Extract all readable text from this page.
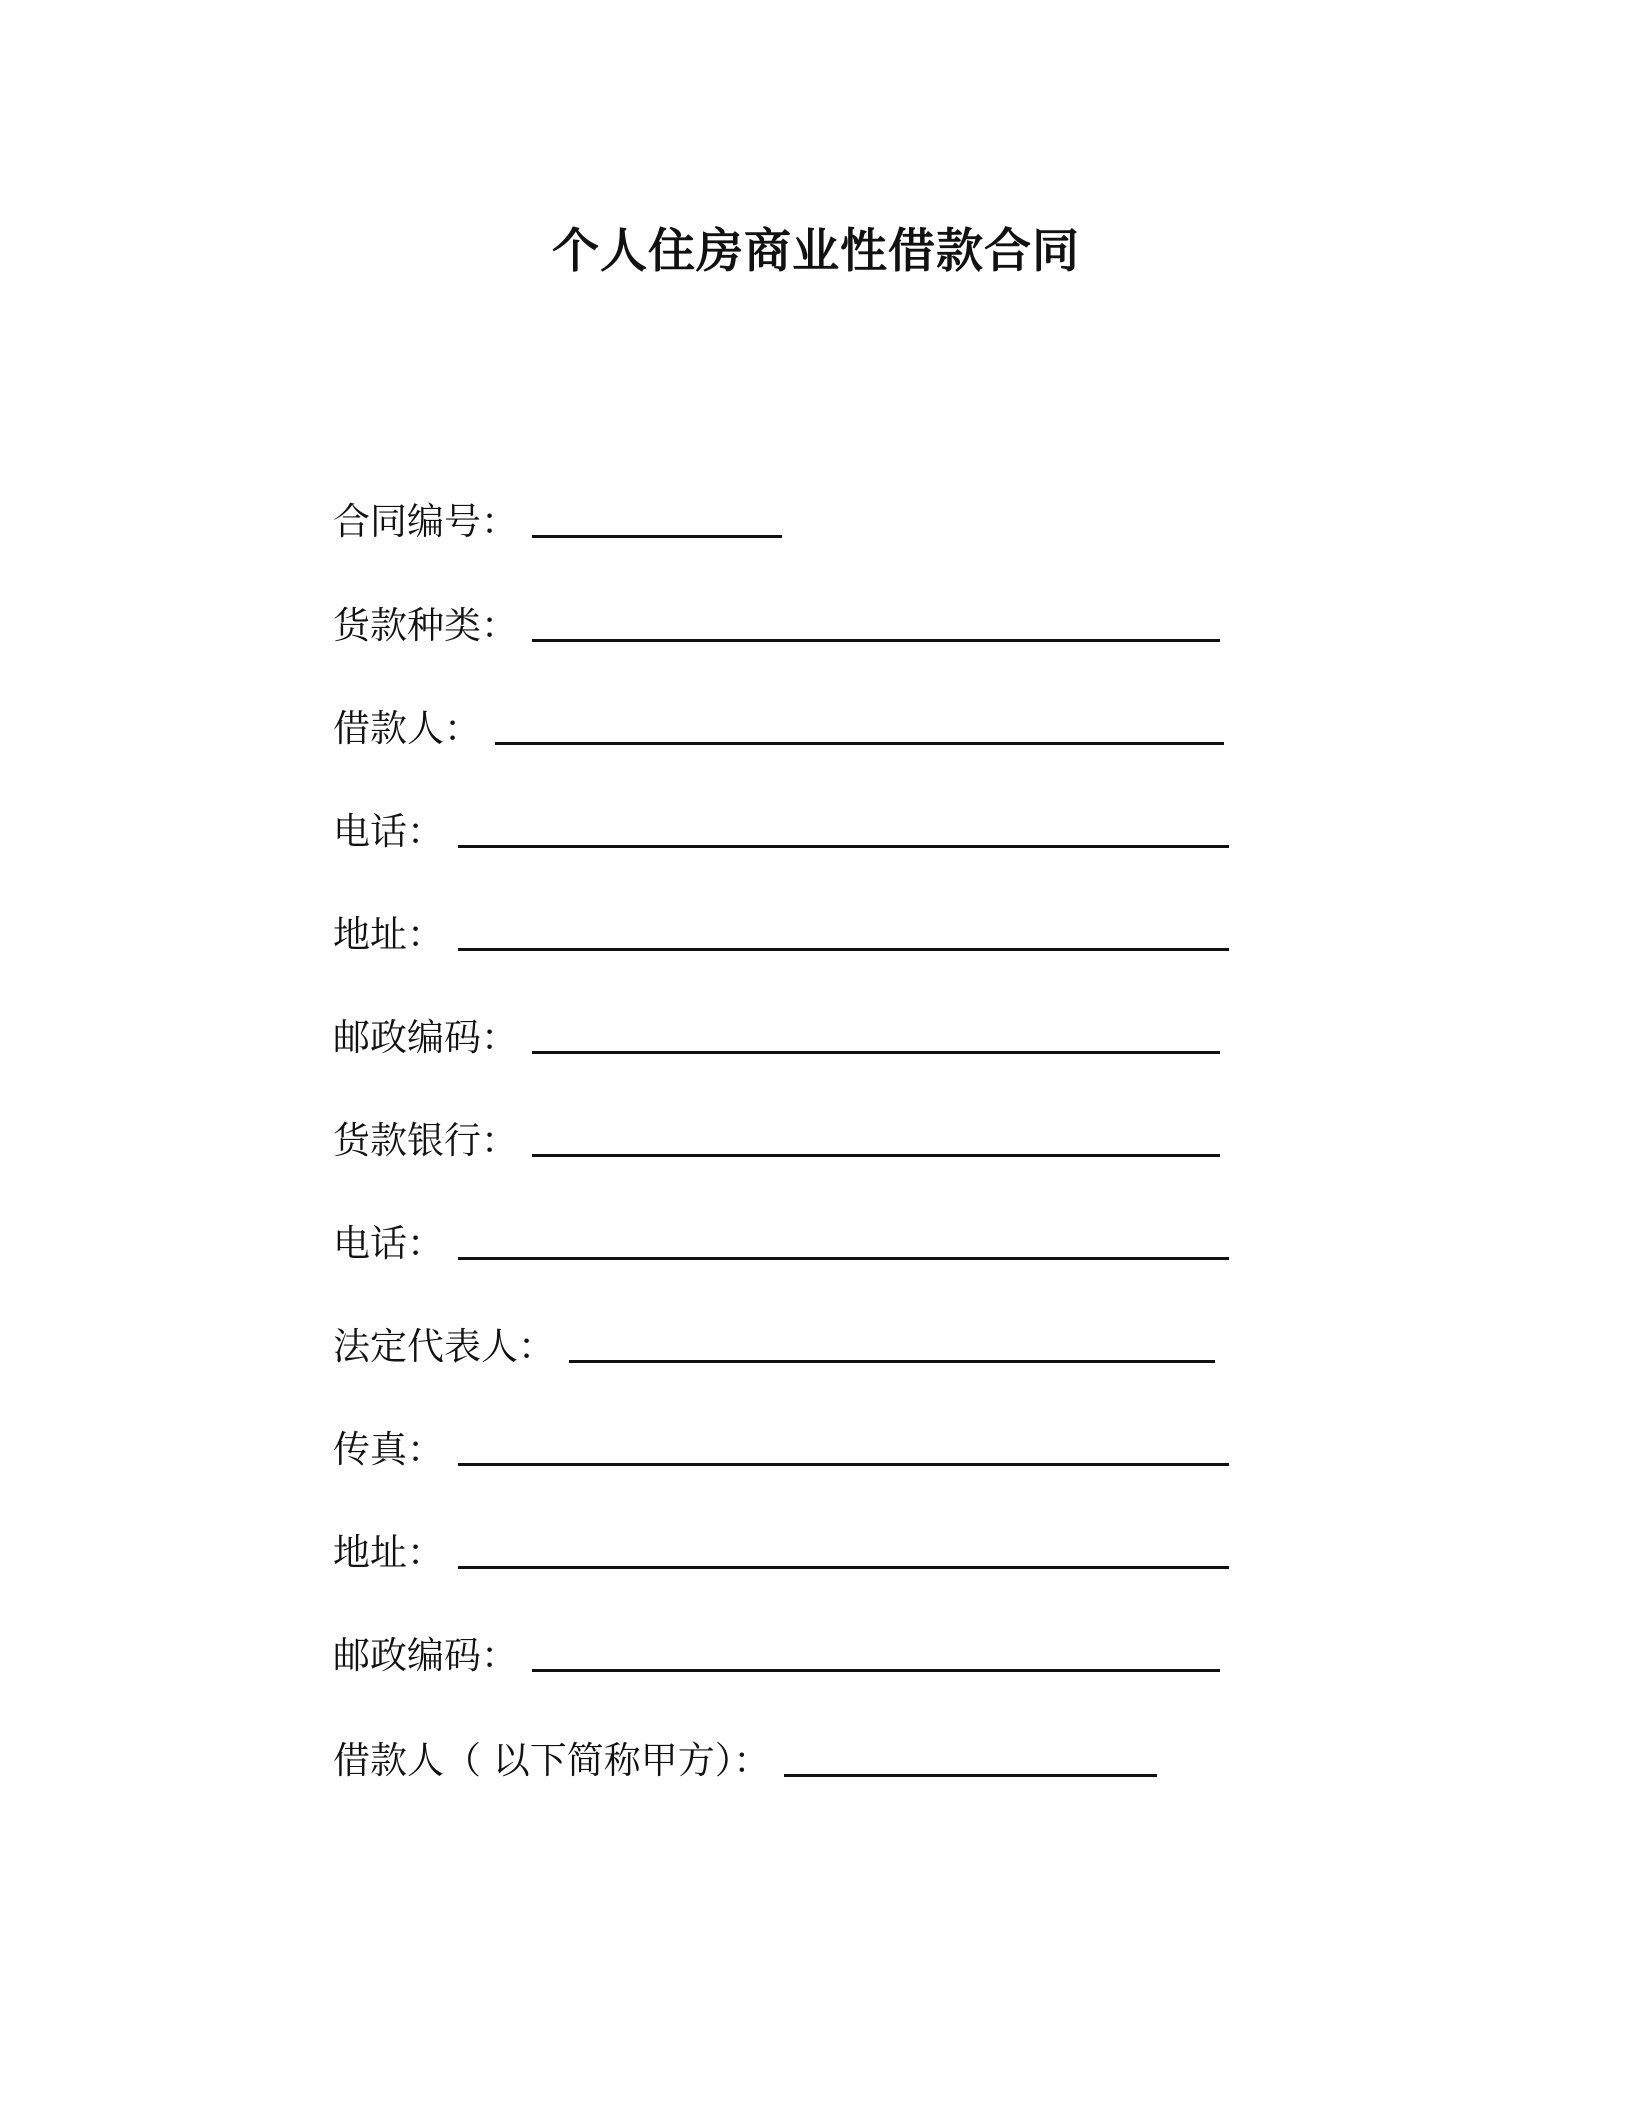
个人住房商业性借款合同
合同编号：
货款种类：
借款人：
电话：
地址：
邮政编码：
货款银行：
电话：
法定代表人：
传真：
地址：
邮政编码：
借款人（ 以下简称甲方）：
